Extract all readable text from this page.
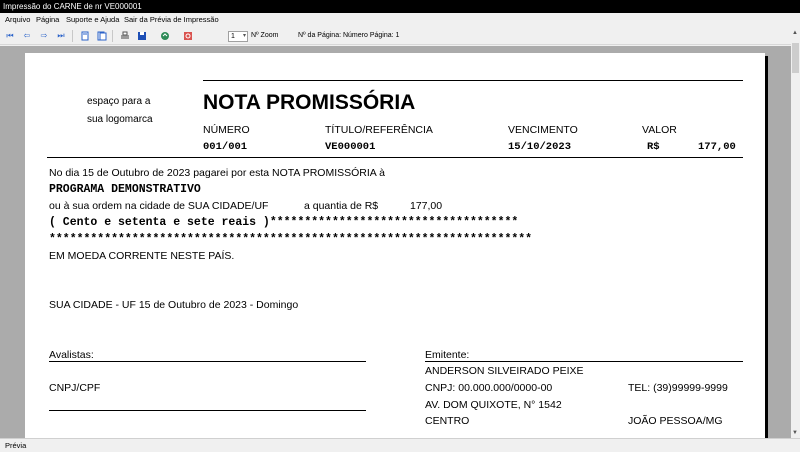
Impressão do CARNE de nr VE000001
Arquivo Página Suporte e Ajuda Sair da Prévia de Impressão
⏮ ⇦ ⇨ ⏭	1 ▾ Nº Zoom	Nº da Página: Número Página: 1	▲
▼
espaço para a
sua logomarca
NOTA PROMISSÓRIA
NÚMERO	TÍTULO/REFERÊNCIA	VENCIMENTO	VALOR
001/001	VE000001	15/10/2023	R$	177,00
No dia 15 de Outubro de 2023 pagarei por esta NOTA PROMISSÓRIA à
PROGRAMA DEMONSTRATIVO
ou à sua ordem na cidade de SUA CIDADE/UF	a quantia de R$	177,00
( Cento e setenta e sete reais )************************************
**********************************************************************
EM MOEDA CORRENTE NESTE PAÍS.
SUA CIDADE - UF 15 de Outubro de 2023 - Domingo
Avalistas:
CNPJ/CPF
Emitente:
ANDERSON SILVEIRADO PEIXE
CNPJ: 00.000.000/0000-00	TEL: (39)99999-9999
AV. DOM QUIXOTE, N° 1542
CENTRO	JOÃO PESSOA/MG
Prévia
